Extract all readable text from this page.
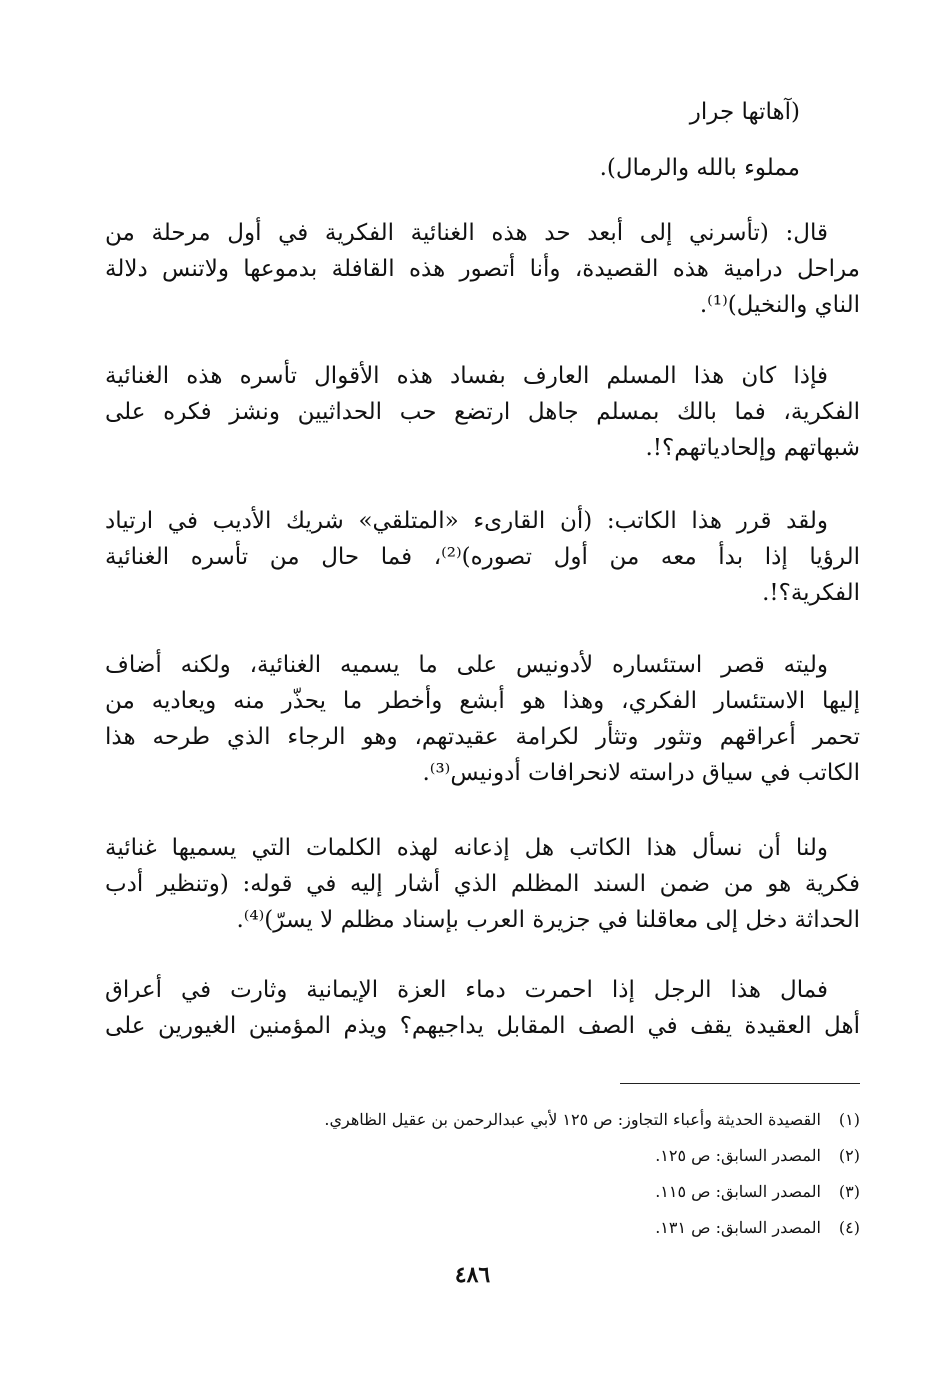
(آهاتها جرار
مملوء بالله والرمال).
قال: (تأسرني إلى أبعد حد هذه الغنائية الفكرية في أول مرحلة من
مراحل درامية هذه القصيدة، وأنا أتصور هذه القافلة بدموعها ولاتنس دلالة
الناي والنخيل)⁽¹⁾.
فإذا كان هذا المسلم العارف بفساد هذه الأقوال تأسره هذه الغنائية
الفكرية، فما بالك بمسلم جاهل ارتضع حب الحداثيين ونشز فكره على
شبهاتهم وإلحادياتهم؟!.
ولقد قرر هذا الكاتب: (أن القارىء «المتلقي» شريك الأديب في ارتياد
الرؤيا إذا بدأ معه من أول تصوره)⁽²⁾، فما حال من تأسره الغنائية
الفكرية؟!.
وليته قصر استئساره لأدونيس على ما يسميه الغنائية، ولكنه أضاف
إليها الاستئسار الفكري، وهذا هو أبشع وأخطر ما يحذّر منه ويعاديه من
تحمر أعراقهم وتثور وتثأر لكرامة عقيدتهم، وهو الرجاء الذي طرحه هذا
الكاتب في سياق دراسته لانحرافات أدونيس⁽³⁾.
ولنا أن نسأل هذا الكاتب هل إذعانه لهذه الكلمات التي يسميها غنائية
فكرية هو من ضمن السند المظلم الذي أشار إليه في قوله: (وتنظير أدب
الحداثة دخل إلى معاقلنا في جزيرة العرب بإسناد مظلم لا يسرّ)⁽⁴⁾.
فمال هذا الرجل إذا احمرت دماء العزة الإيمانية وثارت في أعراق
أهل العقيدة يقف في الصف المقابل يداجيهم؟ ويذم المؤمنين الغيورين على
(١) القصيدة الحديثة وأعباء التجاوز: ص ١٢٥ لأبي عبدالرحمن بن عقيل الظاهري.
(٢) المصدر السابق: ص ١٢٥.
(٣) المصدر السابق: ص ١١٥.
(٤) المصدر السابق: ص ١٣١.
٤٨٦
